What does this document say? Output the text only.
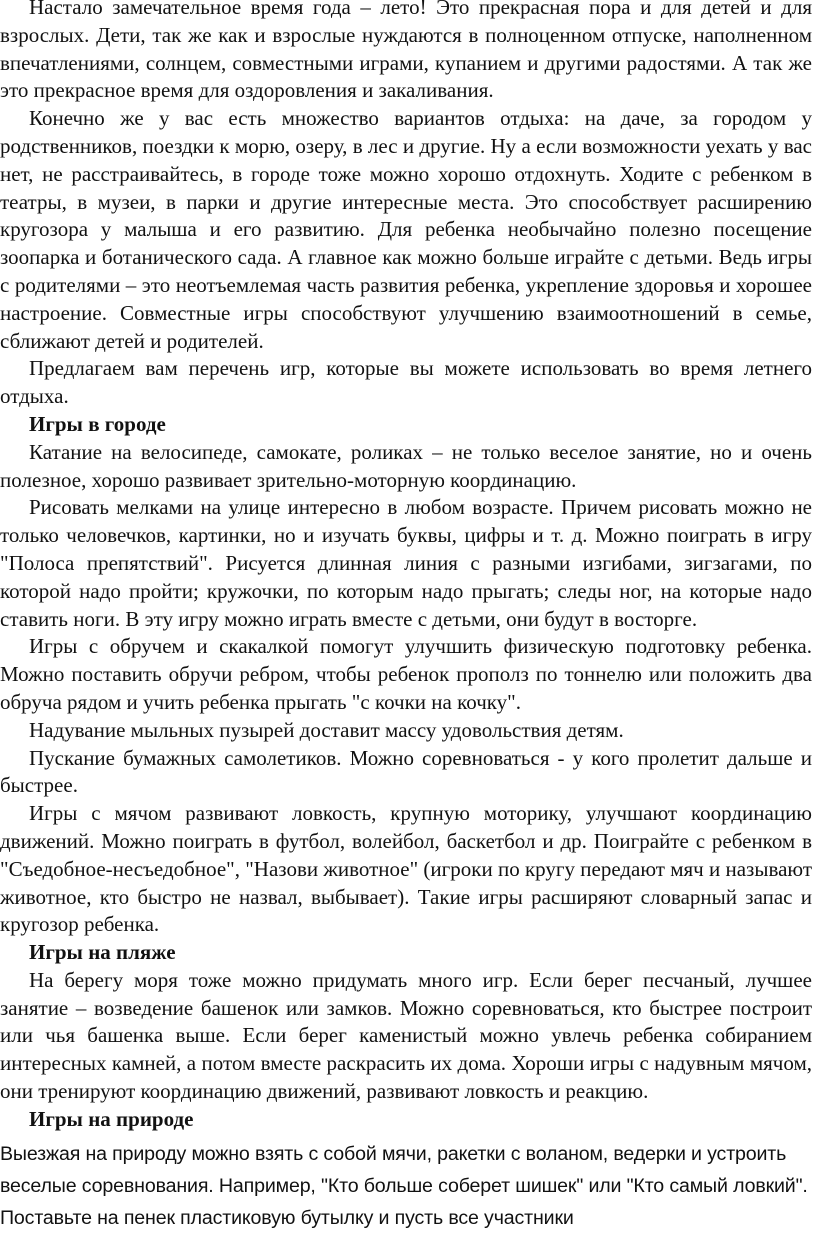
Настало замечательное время года – лето! Это прекрасная пора и для детей и для взрослых. Дети, так же как и взрослые нуждаются в полноценном отпуске, наполненном впечатлениями, солнцем, совместными играми, купанием и другими радостями. А так же это прекрасное время для оздоровления и закаливания.

Конечно же у вас есть множество вариантов отдыха: на даче, за городом у родственников, поездки к морю, озеру, в лес и другие. Ну а если возможности уехать у вас нет, не расстраивайтесь, в городе тоже можно хорошо отдохнуть. Ходите с ребенком в театры, в музеи, в парки и другие интересные места. Это способствует расширению кругозора у малыша и его развитию. Для ребенка необычайно полезно посещение зоопарка и ботанического сада. А главное как можно больше играйте с детьми. Ведь игры с родителями – это неотъемлемая часть развития ребенка, укрепление здоровья и хорошее настроение. Совместные игры способствуют улучшению взаимоотношений в семье, сближают детей и родителей.

Предлагаем вам перечень игр, которые вы можете использовать во время летнего отдыха.

Игры в городе

Катание на велосипеде, самокате, роликах – не только веселое занятие, но и очень полезное, хорошо развивает зрительно-моторную координацию.

Рисовать мелками на улице интересно в любом возрасте. Причем рисовать можно не только человечков, картинки, но и изучать буквы, цифры и т. д. Можно поиграть в игру "Полоса препятствий". Рисуется длинная линия с разными изгибами, зигзагами, по которой надо пройти; кружочки, по которым надо прыгать; следы ног, на которые надо ставить ноги. В эту игру можно играть вместе с детьми, они будут в восторге.

Игры с обручем и скакалкой помогут улучшить физическую подготовку ребенка. Можно поставить обручи ребром, чтобы ребенок прополз по тоннелю или положить два обруча рядом и учить ребенка прыгать "с кочки на кочку".

Надувание мыльных пузырей доставит массу удовольствия детям.

Пускание бумажных самолетиков. Можно соревноваться - у кого пролетит дальше и быстрее.

Игры с мячом развивают ловкость, крупную моторику, улучшают координацию движений. Можно поиграть в футбол, волейбол, баскетбол и др. Поиграйте с ребенком в "Съедобное-несъедобное", "Назови животное" (игроки по кругу передают мяч и называют животное, кто быстро не назвал, выбывает). Такие игры расширяют словарный запас и кругозор ребенка.

Игры на пляже

На берегу моря тоже можно придумать много игр. Если берег песчаный, лучшее занятие – возведение башенок или замков. Можно соревноваться, кто быстрее построит или чья башенка выше. Если берег каменистый можно увлечь ребенка собиранием интересных камней, а потом вместе раскрасить их дома. Хороши игры с надувным мячом, они тренируют координацию движений, развивают ловкость и реакцию.

Игры на природе

Выезжая на природу можно взять с собой мячи, ракетки с воланом, ведерки и устроить веселые соревнования. Например, "Кто больше соберет шишек" или "Кто самый ловкий". Поставьте на пенек пластиковую бутылку и пусть все участники
